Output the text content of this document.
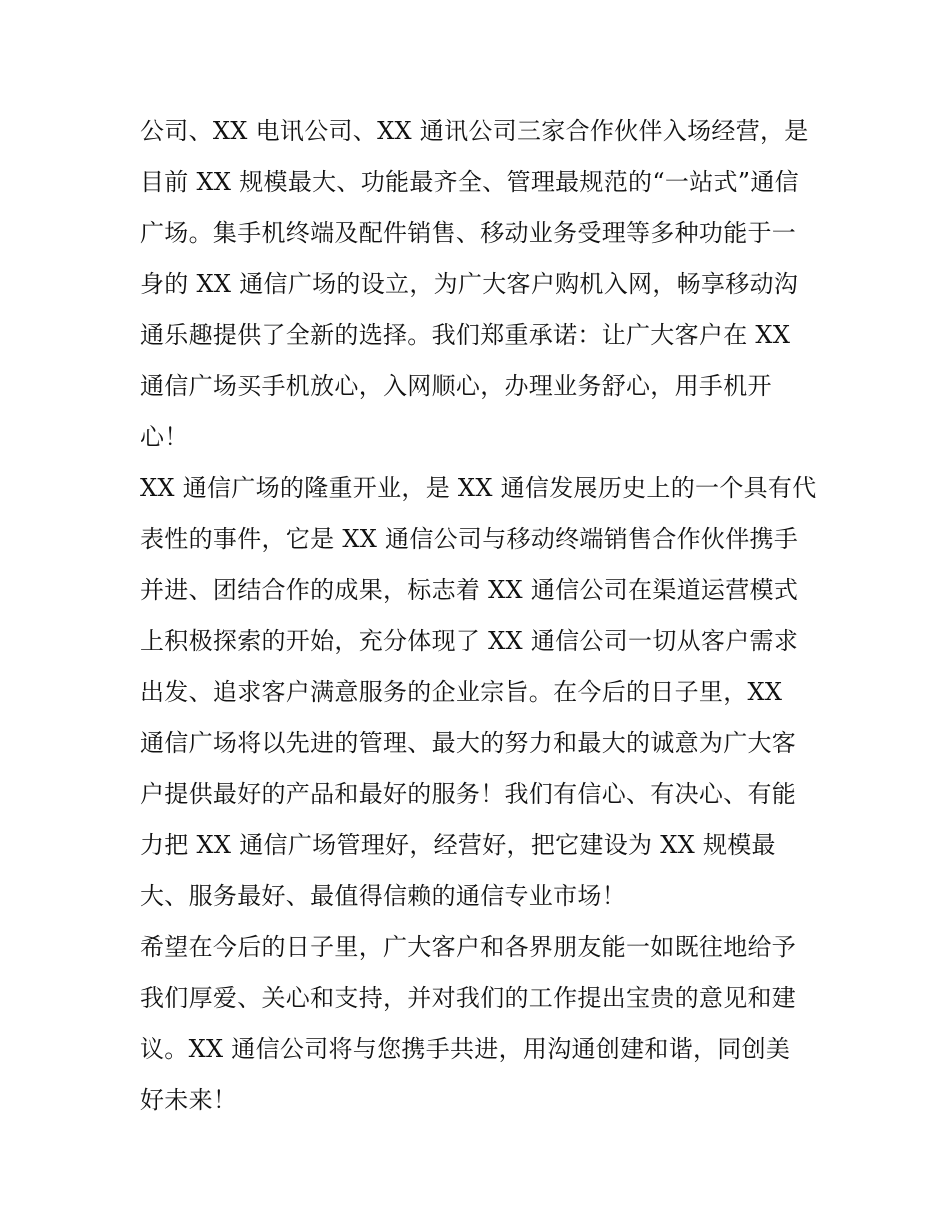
公司、XX 电讯公司、XX 通讯公司三家合作伙伴入场经营，是
目前 XX 规模最大、功能最齐全、管理最规范的“一站式”通信
广场。集手机终端及配件销售、移动业务受理等多种功能于一
身的 XX 通信广场的设立，为广大客户购机入网，畅享移动沟
通乐趣提供了全新的选择。我们郑重承诺：让广大客户在 XX
通信广场买手机放心，入网顺心，办理业务舒心，用手机开
心！
XX 通信广场的隆重开业，是 XX 通信发展历史上的一个具有代
表性的事件，它是 XX 通信公司与移动终端销售合作伙伴携手
并进、团结合作的成果，标志着 XX 通信公司在渠道运营模式
上积极探索的开始，充分体现了 XX 通信公司一切从客户需求
出发、追求客户满意服务的企业宗旨。在今后的日子里，XX
通信广场将以先进的管理、最大的努力和最大的诚意为广大客
户提供最好的产品和最好的服务！我们有信心、有决心、有能
力把 XX 通信广场管理好，经营好，把它建设为 XX 规模最
大、服务最好、最值得信赖的通信专业市场！
希望在今后的日子里，广大客户和各界朋友能一如既往地给予
我们厚爱、关心和支持，并对我们的工作提出宝贵的意见和建
议。XX 通信公司将与您携手共进，用沟通创建和谐，同创美
好未来！
